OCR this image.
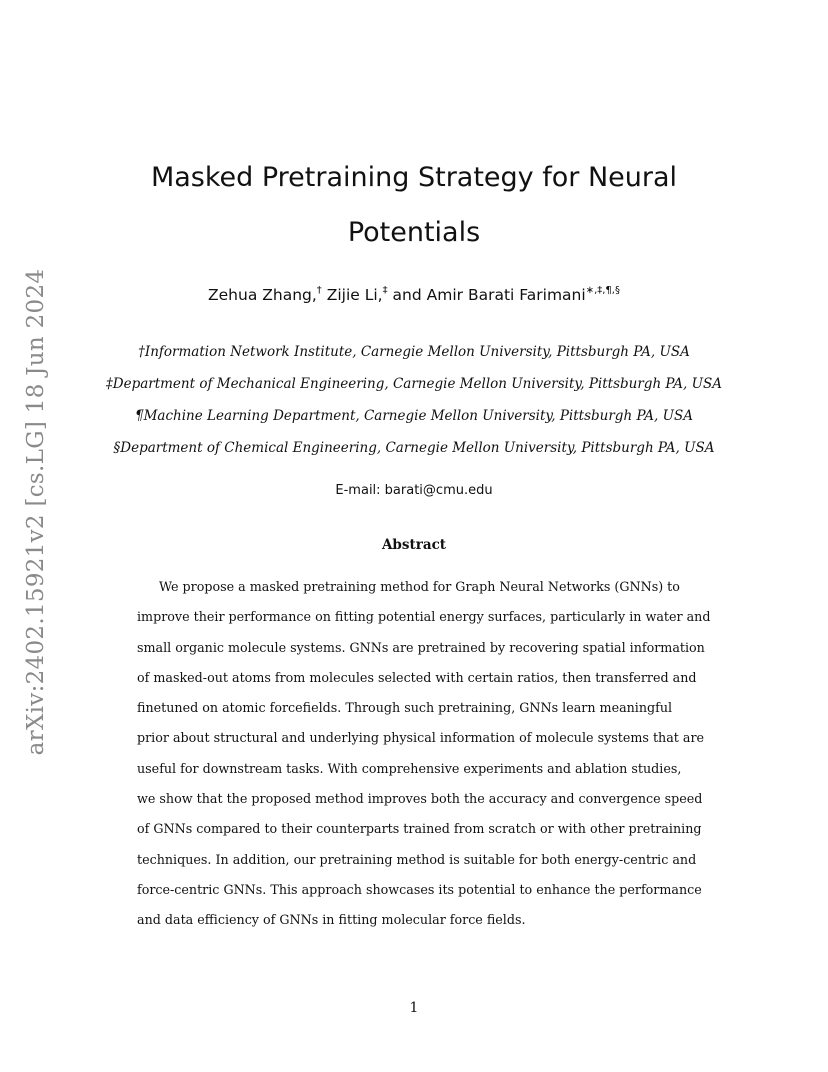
arXiv:2402.15921v2 [cs.LG] 18 Jun 2024
Masked Pretraining Strategy for Neural
Potentials
Zehua Zhang,† Zijie Li,‡ and Amir Barati Farimani∗,‡,¶,§
†Information Network Institute, Carnegie Mellon University, Pittsburgh PA, USA
‡Department of Mechanical Engineering, Carnegie Mellon University, Pittsburgh PA, USA
¶Machine Learning Department, Carnegie Mellon University, Pittsburgh PA, USA
§Department of Chemical Engineering, Carnegie Mellon University, Pittsburgh PA, USA
E-mail: barati@cmu.edu
Abstract
We propose a masked pretraining method for Graph Neural Networks (GNNs) to
improve their performance on fitting potential energy surfaces, particularly in water and
small organic molecule systems. GNNs are pretrained by recovering spatial information
of masked-out atoms from molecules selected with certain ratios, then transferred and
finetuned on atomic forcefields. Through such pretraining, GNNs learn meaningful
prior about structural and underlying physical information of molecule systems that are
useful for downstream tasks. With comprehensive experiments and ablation studies,
we show that the proposed method improves both the accuracy and convergence speed
of GNNs compared to their counterparts trained from scratch or with other pretraining
techniques. In addition, our pretraining method is suitable for both energy-centric and
force-centric GNNs. This approach showcases its potential to enhance the performance
and data efficiency of GNNs in fitting molecular force fields.
1
